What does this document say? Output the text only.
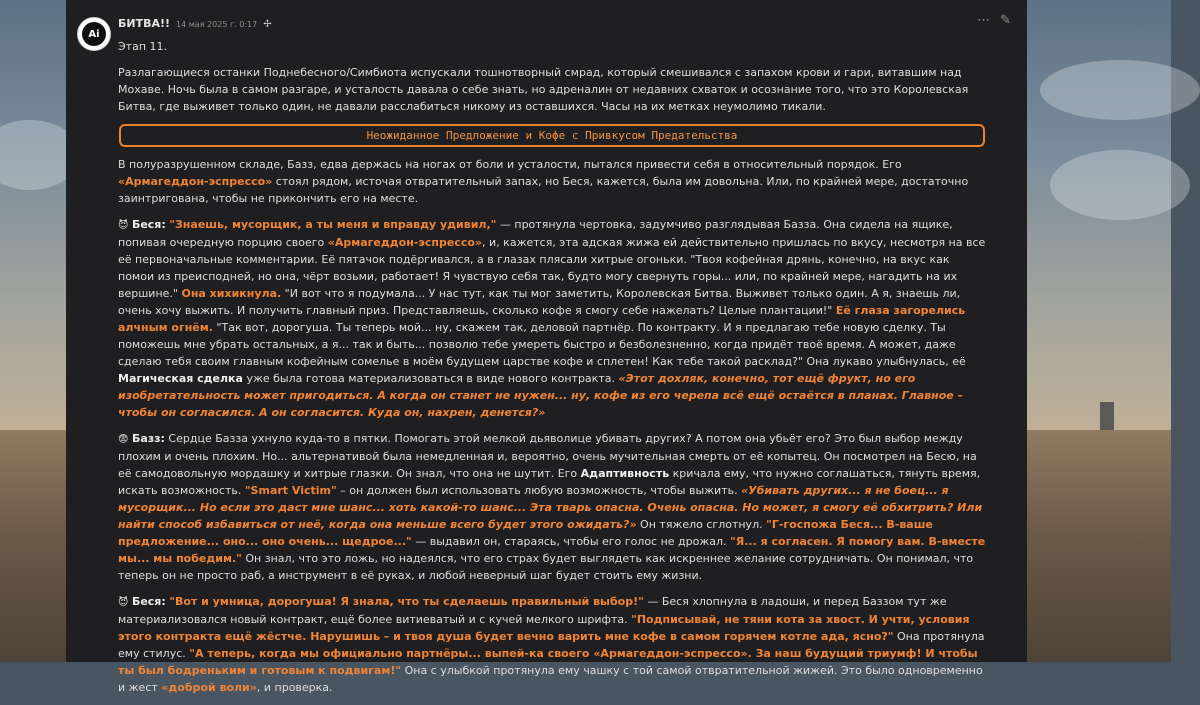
Ai
БИТВА!! 14 мая 2025 г. 0:17 ✢	⋯ ✎

Этап 11.

Разлагающиеся останки Поднебесного/Симбиота испускали тошнотворный смрад, который смешивался с запахом крови и гари, витавшим над Мохаве. Ночь была в самом разгаре, и усталость давала о себе знать, но адреналин от недавних схваток и осознание того, что это Королевская Битва, где выживет только один, не давали расслабиться никому из оставшихся. Часы на их метках неумолимо тикали.

Неожиданное Предложение и Кофе с Привкусом Предательства

В полуразрушенном складе, Базз, едва держась на ногах от боли и усталости, пытался привести себя в относительный порядок. Его «Армагеддон-эспрессо» стоял рядом, источая отвратительный запах, но Беся, кажется, была им довольна. Или, по крайней мере, достаточно заинтригована, чтобы не прикончить его на месте.

😈 Беся: "Знаешь, мусорщик, а ты меня и вправду удивил," — протянула чертовка, задумчиво разглядывая Базза. Она сидела на ящике, попивая очередную порцию своего «Армагеддон-эспрессо», и, кажется, эта адская жижа ей действительно пришлась по вкусу, несмотря на все её первоначальные комментарии. Её пятачок подёргивался, а в глазах плясали хитрые огоньки. "Твоя кофейная дрянь, конечно, на вкус как помои из преисподней, но она, чёрт возьми, работает! Я чувствую себя так, будто могу свернуть горы... или, по крайней мере, нагадить на их вершине." Она хихикнула. "И вот что я подумала... У нас тут, как ты мог заметить, Королевская Битва. Выживет только один. А я, знаешь ли, очень хочу выжить. И получить главный приз. Представляешь, сколько кофе я смогу себе нажелать? Целые плантации!" Её глаза загорелись алчным огнём. "Так вот, дорогуша. Ты теперь мой... ну, скажем так, деловой партнёр. По контракту. И я предлагаю тебе новую сделку. Ты поможешь мне убрать остальных, а я... так и быть... позволю тебе умереть быстро и безболезненно, когда придёт твоё время. А может, даже сделаю тебя своим главным кофейным сомелье в моём будущем царстве кофе и сплетен! Как тебе такой расклад?" Она лукаво улыбнулась, её Магическая сделка уже была готова материализоваться в виде нового контракта. «Этот дохляк, конечно, тот ещё фрукт, но его изобретательность может пригодиться. А когда он станет не нужен... ну, кофе из его черепа всё ещё остаётся в планах. Главное – чтобы он согласился. А он согласится. Куда он, нахрен, денется?»

😨 Базз: Сердце Базза ухнуло куда-то в пятки. Помогать этой мелкой дьяволице убивать других? А потом она убьёт его? Это был выбор между плохим и очень плохим. Но... альтернативой была немедленная и, вероятно, очень мучительная смерть от её копытец. Он посмотрел на Бесю, на её самодовольную мордашку и хитрые глазки. Он знал, что она не шутит. Его Адаптивность кричала ему, что нужно соглашаться, тянуть время, искать возможность. "Smart Victim" – он должен был использовать любую возможность, чтобы выжить. «Убивать других... я не боец... я мусорщик... Но если это даст мне шанс... хоть какой-то шанс... Эта тварь опасна. Очень опасна. Но может, я смогу её обхитрить? Или найти способ избавиться от неё, когда она меньше всего будет этого ожидать?» Он тяжело сглотнул. "Г-госпожа Беся... В-ваше предложение... оно... оно очень... щедрое..." — выдавил он, стараясь, чтобы его голос не дрожал. "Я... я согласен. Я помогу вам. В-вместе мы... мы победим." Он знал, что это ложь, но надеялся, что его страх будет выглядеть как искреннее желание сотрудничать. Он понимал, что теперь он не просто раб, а инструмент в её руках, и любой неверный шаг будет стоить ему жизни.

😈 Беся: "Вот и умница, дорогуша! Я знала, что ты сделаешь правильный выбор!" — Беся хлопнула в ладоши, и перед Баззом тут же материализовался новый контракт, ещё более витиеватый и с кучей мелкого шрифта. "Подписывай, не тяни кота за хвост. И учти, условия этого контракта ещё жёстче. Нарушишь – и твоя душа будет вечно варить мне кофе в самом горячем котле ада, ясно?" Она протянула ему стилус. "А теперь, когда мы официально партнёры... выпей-ка своего «Армагеддон-эспрессо». За наш будущий триумф! И чтобы ты был бодреньким и готовым к подвигам!" Она с улыбкой протянула ему чашку с той самой отвратительной жижей. Это было одновременно и жест «доброй воли», и проверка.
